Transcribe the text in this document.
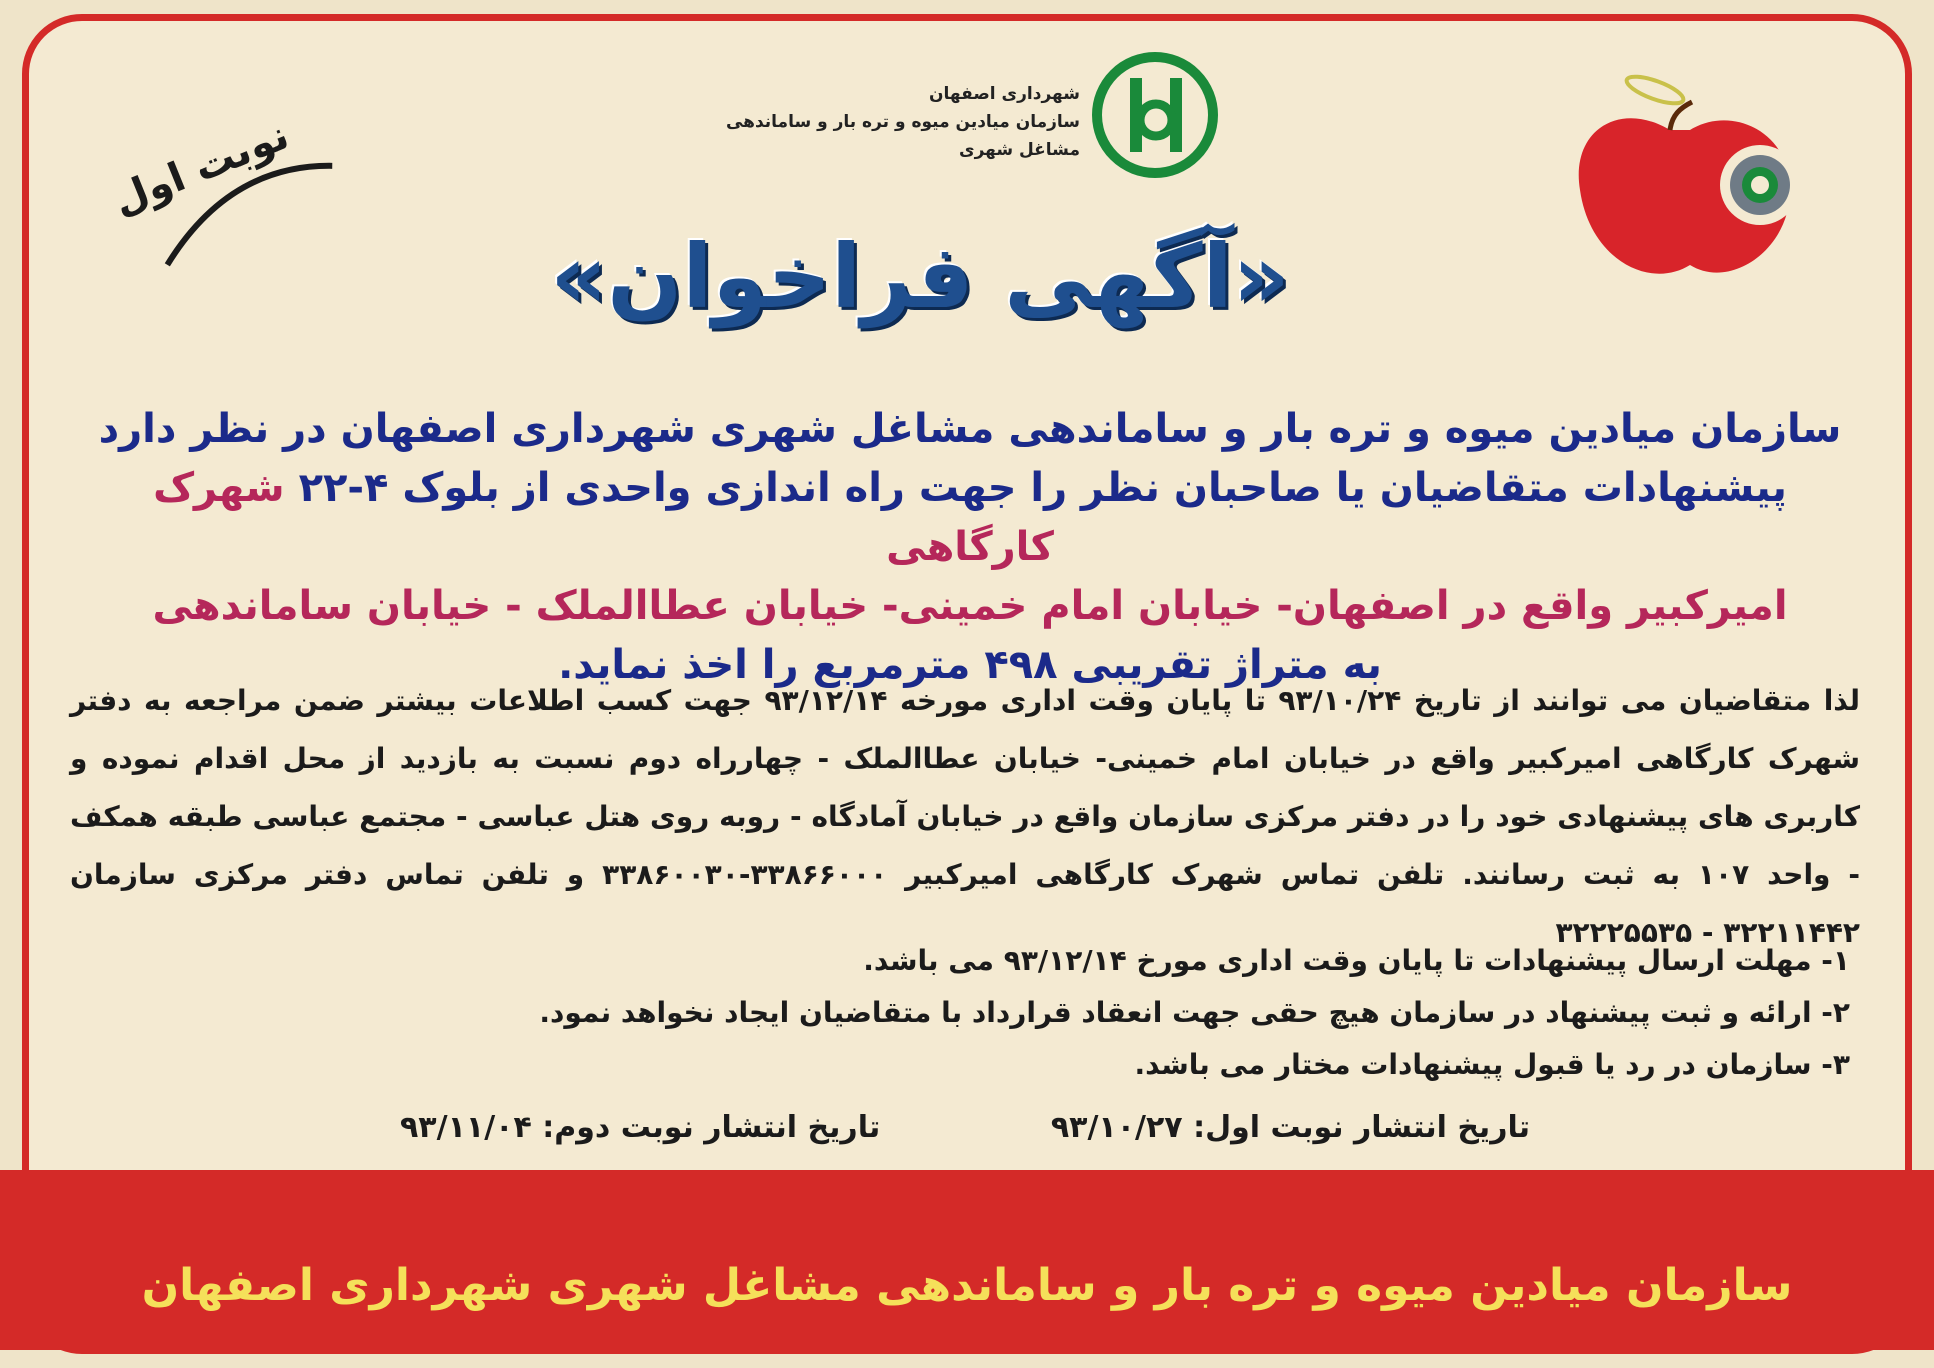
نوبت اول
شهرداری اصفهان
سازمان میادین میوه و تره بار و ساماندهی
مشاغل شهری
«آگهی فراخوان»
سازمان میادین میوه و تره بار و ساماندهی مشاغل شهری شهرداری اصفهان در نظر دارد
پیشنهادات متقاضیان یا صاحبان نظر را جهت راه اندازی واحدی از بلوک ۴-۲۲ شهرک کارگاهی
امیرکبیر واقع در اصفهان- خیابان امام خمینی- خیابان عطاالملک - خیابان ساماندهی
به متراژ تقریبی ۴۹۸ مترمربع را اخذ نماید.
لذا متقاضیان می توانند از تاریخ ۹۳/۱۰/۲۴ تا پایان وقت اداری مورخه ۹۳/۱۲/۱۴ جهت کسب اطلاعات بیشتر ضمن مراجعه به دفتر شهرک کارگاهی امیرکبیر واقع در خیابان امام خمینی- خیابان عطاالملک - چهارراه دوم نسبت به بازدید از محل اقدام نموده و کاربری های پیشنهادی خود را در دفتر مرکزی سازمان واقع در خیابان آمادگاه - روبه روی هتل عباسی - مجتمع عباسی طبقه همکف - واحد ۱۰۷ به ثبت رسانند. تلفن تماس شهرک کارگاهی امیرکبیر ۳۳۸۶۶۰۰۰-۳۳۸۶۰۰۳۰ و تلفن تماس دفتر مرکزی سازمان ۳۲۲۱۱۴۴۲ - ۳۲۲۲۵۵۳۵
۱- مهلت ارسال پیشنهادات تا پایان وقت اداری مورخ ۹۳/۱۲/۱۴ می باشد.
۲- ارائه و ثبت پیشنهاد در سازمان هیچ حقی جهت انعقاد قرارداد با متقاضیان ایجاد نخواهد نمود.
۳- سازمان در رد یا قبول پیشنهادات مختار می باشد.
تاریخ انتشار نوبت اول: ۹۳/۱۰/۲۷
تاریخ انتشار نوبت دوم: ۹۳/۱۱/۰۴
سازمان میادین میوه و تره بار و ساماندهی مشاغل شهری شهرداری اصفهان
